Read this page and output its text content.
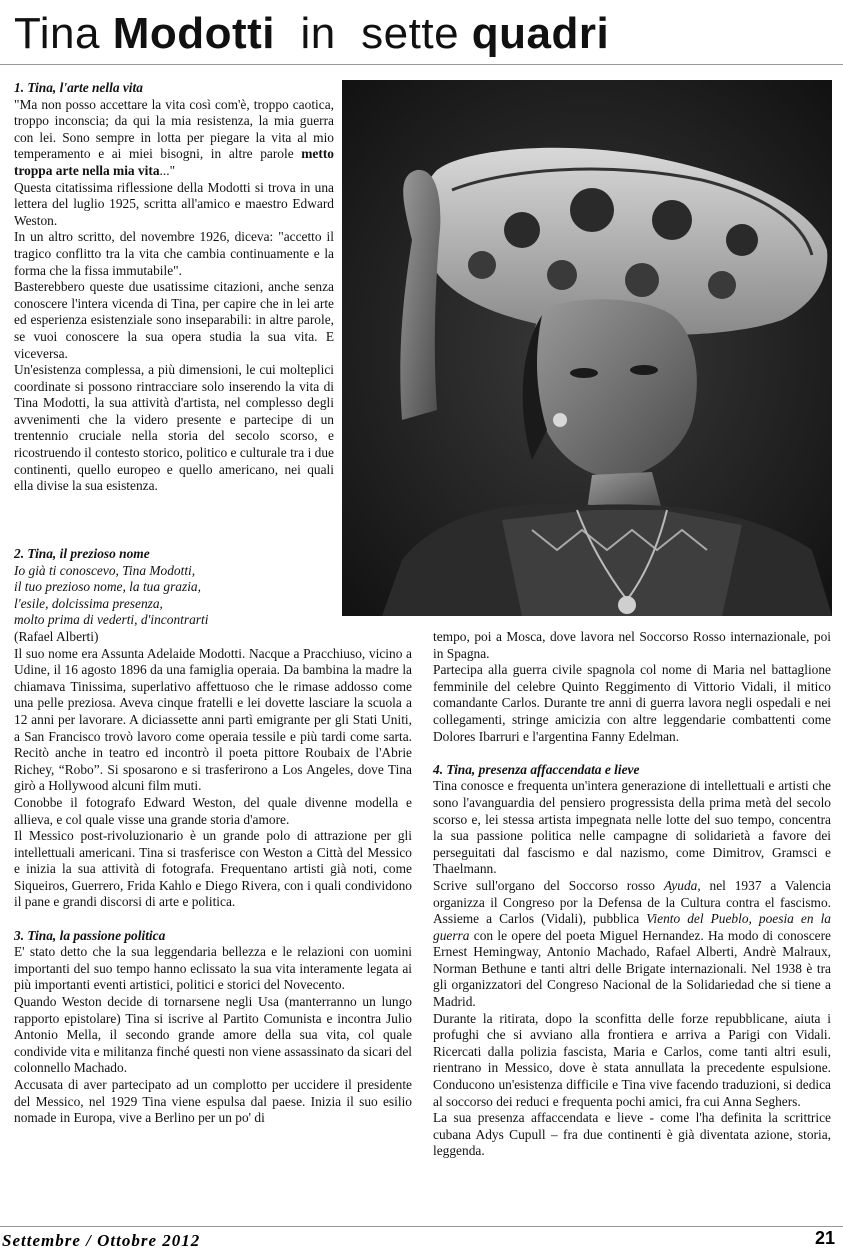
Tina Modotti  in  sette quadri

1. Tina, l'arte nella vita

"Ma non posso accettare la vita così com'è, troppo caotica, troppo inconscia; da qui la mia resistenza, la mia guerra con lei. Sono sempre in lotta per piegare la vita al mio temperamento e ai miei bisogni, in altre parole metto troppa arte nella mia vita..."

Questa citatissima riflessione della Modotti si trova in una lettera del luglio 1925, scritta all'amico e maestro Edward Weston.

In un altro scritto, del novembre 1926, diceva: "accetto il tragico conflitto tra la vita che cambia continuamente e la forma che la fissa immutabile".

Basterebbero queste due usatissime citazioni, anche senza conoscere l'intera vicenda di Tina, per capire che in lei arte ed esperienza esistenziale sono inseparabili: in altre parole, se vuoi conoscere la sua opera studia la sua vita. E viceversa.

Un'esistenza complessa, a più dimensioni, le cui molteplici coordinate si possono rintracciare solo inserendo la vita di Tina Modotti, la sua attività d'artista, nel complesso degli avvenimenti che la videro presente e partecipe di un trentennio cruciale nella storia del secolo scorso, e ricostruendo il contesto storico, politico e culturale tra i due continenti, quello europeo e quello americano, nei quali ella divise la sua esistenza.

2. Tina, il prezioso nome

Io già ti conoscevo, Tina Modotti,

il tuo prezioso nome, la tua grazia,

l'esile, dolcissima presenza,

molto prima di vederti, d'incontrarti

(Rafael Alberti)

Il suo nome era Assunta Adelaide Modotti. Nacque a Pracchiuso, vicino a Udine, il 16 agosto 1896 da una famiglia operaia. Da bambina la madre la chiamava Tinissima, superlativo affettuoso che le rimase addosso come una pelle preziosa. Aveva cinque fratelli e lei dovette lasciare la scuola a 12 anni per lavorare. A diciassette anni partì emigrante per gli Stati Uniti, a San Francisco trovò lavoro come operaia tessile e più tardi come sarta. Recitò anche in teatro ed incontrò il poeta pittore Roubaix de l'Abrie Richey, “Robo”. Si sposarono e si trasferirono a Los Angeles, dove Tina girò a Hollywood alcuni film muti.

Conobbe il fotografo Edward Weston, del quale divenne modella e allieva, e col quale visse una grande storia d'amore.

Il Messico post-rivoluzionario è un grande polo di attrazione per gli intellettuali americani. Tina si trasferisce con Weston a Città del Messico e inizia la sua attività di fotografa. Frequentano artisti già noti, come Siqueiros, Guerrero, Frida Kahlo e Diego Rivera, con i quali condividono il pane e grandi discorsi di arte e politica.

3. Tina, la passione politica

E' stato detto che la sua leggendaria bellezza e le relazioni con uomini importanti del suo tempo hanno eclissato la sua vita interamente legata ai più importanti eventi artistici, politici e storici del Novecento.

Quando Weston decide di tornarsene negli Usa (manterranno un lungo rapporto epistolare) Tina si iscrive al Partito Comunista e incontra Julio Antonio Mella, il secondo grande amore della sua vita, col quale condivide vita e militanza finché questi non viene assassinato da sicari del colonnello Machado.

Accusata di aver partecipato ad un complotto per uccidere il presidente del Messico, nel 1929 Tina viene espulsa dal paese. Inizia il suo esilio nomade in Europa, vive a Berlino per un po' di

tempo, poi a Mosca, dove lavora nel Soccorso Rosso internazionale, poi in Spagna.

Partecipa alla guerra civile spagnola col nome di Maria nel battaglione femminile del celebre Quinto Reggimento di Vittorio Vidali, il mitico comandante Carlos. Durante tre anni di guerra lavora negli ospedali e nei collegamenti, stringe amicizia con altre leggendarie combattenti come Dolores Ibarruri e l'argentina Fanny Edelman.

4. Tina, presenza affaccendata e lieve

Tina conosce e frequenta un'intera generazione di intellettuali e artisti che sono l'avanguardia del pensiero progressista della prima metà del secolo scorso e, lei stessa artista impegnata nelle lotte del suo tempo, concentra la sua passione politica nelle campagne di solidarietà a favore dei perseguitati dal fascismo e dal nazismo, come Dimitrov, Gramsci e Thaelmann.

Scrive sull'organo del Soccorso rosso Ayuda, nel 1937 a Valencia organizza il Congreso por la Defensa de la Cultura contra el fascismo. Assieme a Carlos (Vidali), pubblica Viento del Pueblo, poesia en la guerra con le opere del poeta Miguel Hernandez. Ha modo di conoscere Ernest Hemingway, Antonio Machado, Rafael Alberti, Andrè Malraux, Norman Bethune e tanti altri delle Brigate internazionali. Nel 1938 è tra gli organizzatori del Congreso Nacional de la Solidariedad che si tiene a Madrid.

Durante la ritirata, dopo la sconfitta delle forze repubblicane, aiuta i profughi che si avviano alla frontiera e arriva a Parigi con Vidali. Ricercati dalla polizia fascista, Maria e Carlos, come tanti altri esuli, rientrano in Messico, dove è stata annullata la precedente espulsione. Conducono un'esistenza difficile e Tina vive facendo traduzioni, si dedica al soccorso dei reduci e frequenta pochi amici, fra cui Anna Seghers.

La sua presenza affaccendata e lieve - come l'ha definita la scrittrice cubana Adys Cupull – fra due continenti è già diventata azione, storia, leggenda.

Settembre / Ottobre 2012	21
